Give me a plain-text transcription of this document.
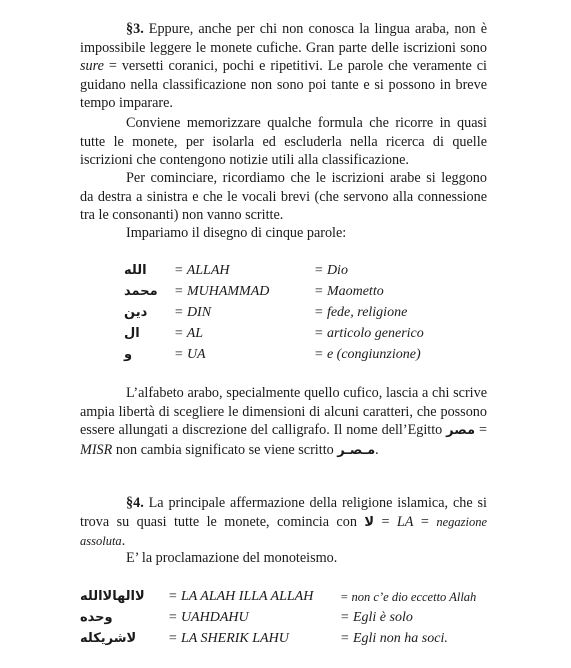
§3. Eppure, anche per chi non conosca la lingua araba, non è impossibile leggere le monete cufiche. Gran parte delle iscrizioni sono sure = versetti coranici, pochi e ripetitivi. Le parole che veramente ci guidano nella classificazione non sono poi tante e si possono in breve tempo imparare.

Conviene memorizzare qualche formula che ricorre in quasi tutte le monete, per isolarla ed escluderla nella ricerca di quelle iscrizioni che contengono notizie utili alla classificazione.

Per cominciare, ricordiamo che le iscrizioni arabe si leggono da destra a sinistra e che le vocali brevi (che servono alla connessione tra le consonanti) non vanno scritte.

Impariamo il disegno di cinque parole:

الله = ALLAH	= Dio
محمد = MUHAMMAD	= Maometto
دين = DIN	= fede, religione
ال = AL	= articolo generico
و	= UA	= e (congiunzione)

L’alfabeto arabo, specialmente quello cufico, lascia a chi scrive ampia libertà di scegliere le dimensioni di alcuni caratteri, che possono essere allungati a discrezione del calligrafo. Il nome dell’Egitto مصر = MISR non cambia significato se viene scritto مـصـر.

§4. La principale affermazione della religione islamica, che si trova su quasi tutte le monete, comincia con لا = LA = negazione assoluta.

E’ la proclamazione del monoteismo.

لاالهالاالله = LA ALAH ILLA ALLAH = non c’e dio eccetto Allah
وحده	= UAHDAHU	= Egli è solo
لاشريكله = LA SHERIK LAHU	= Egli non ha soci.
